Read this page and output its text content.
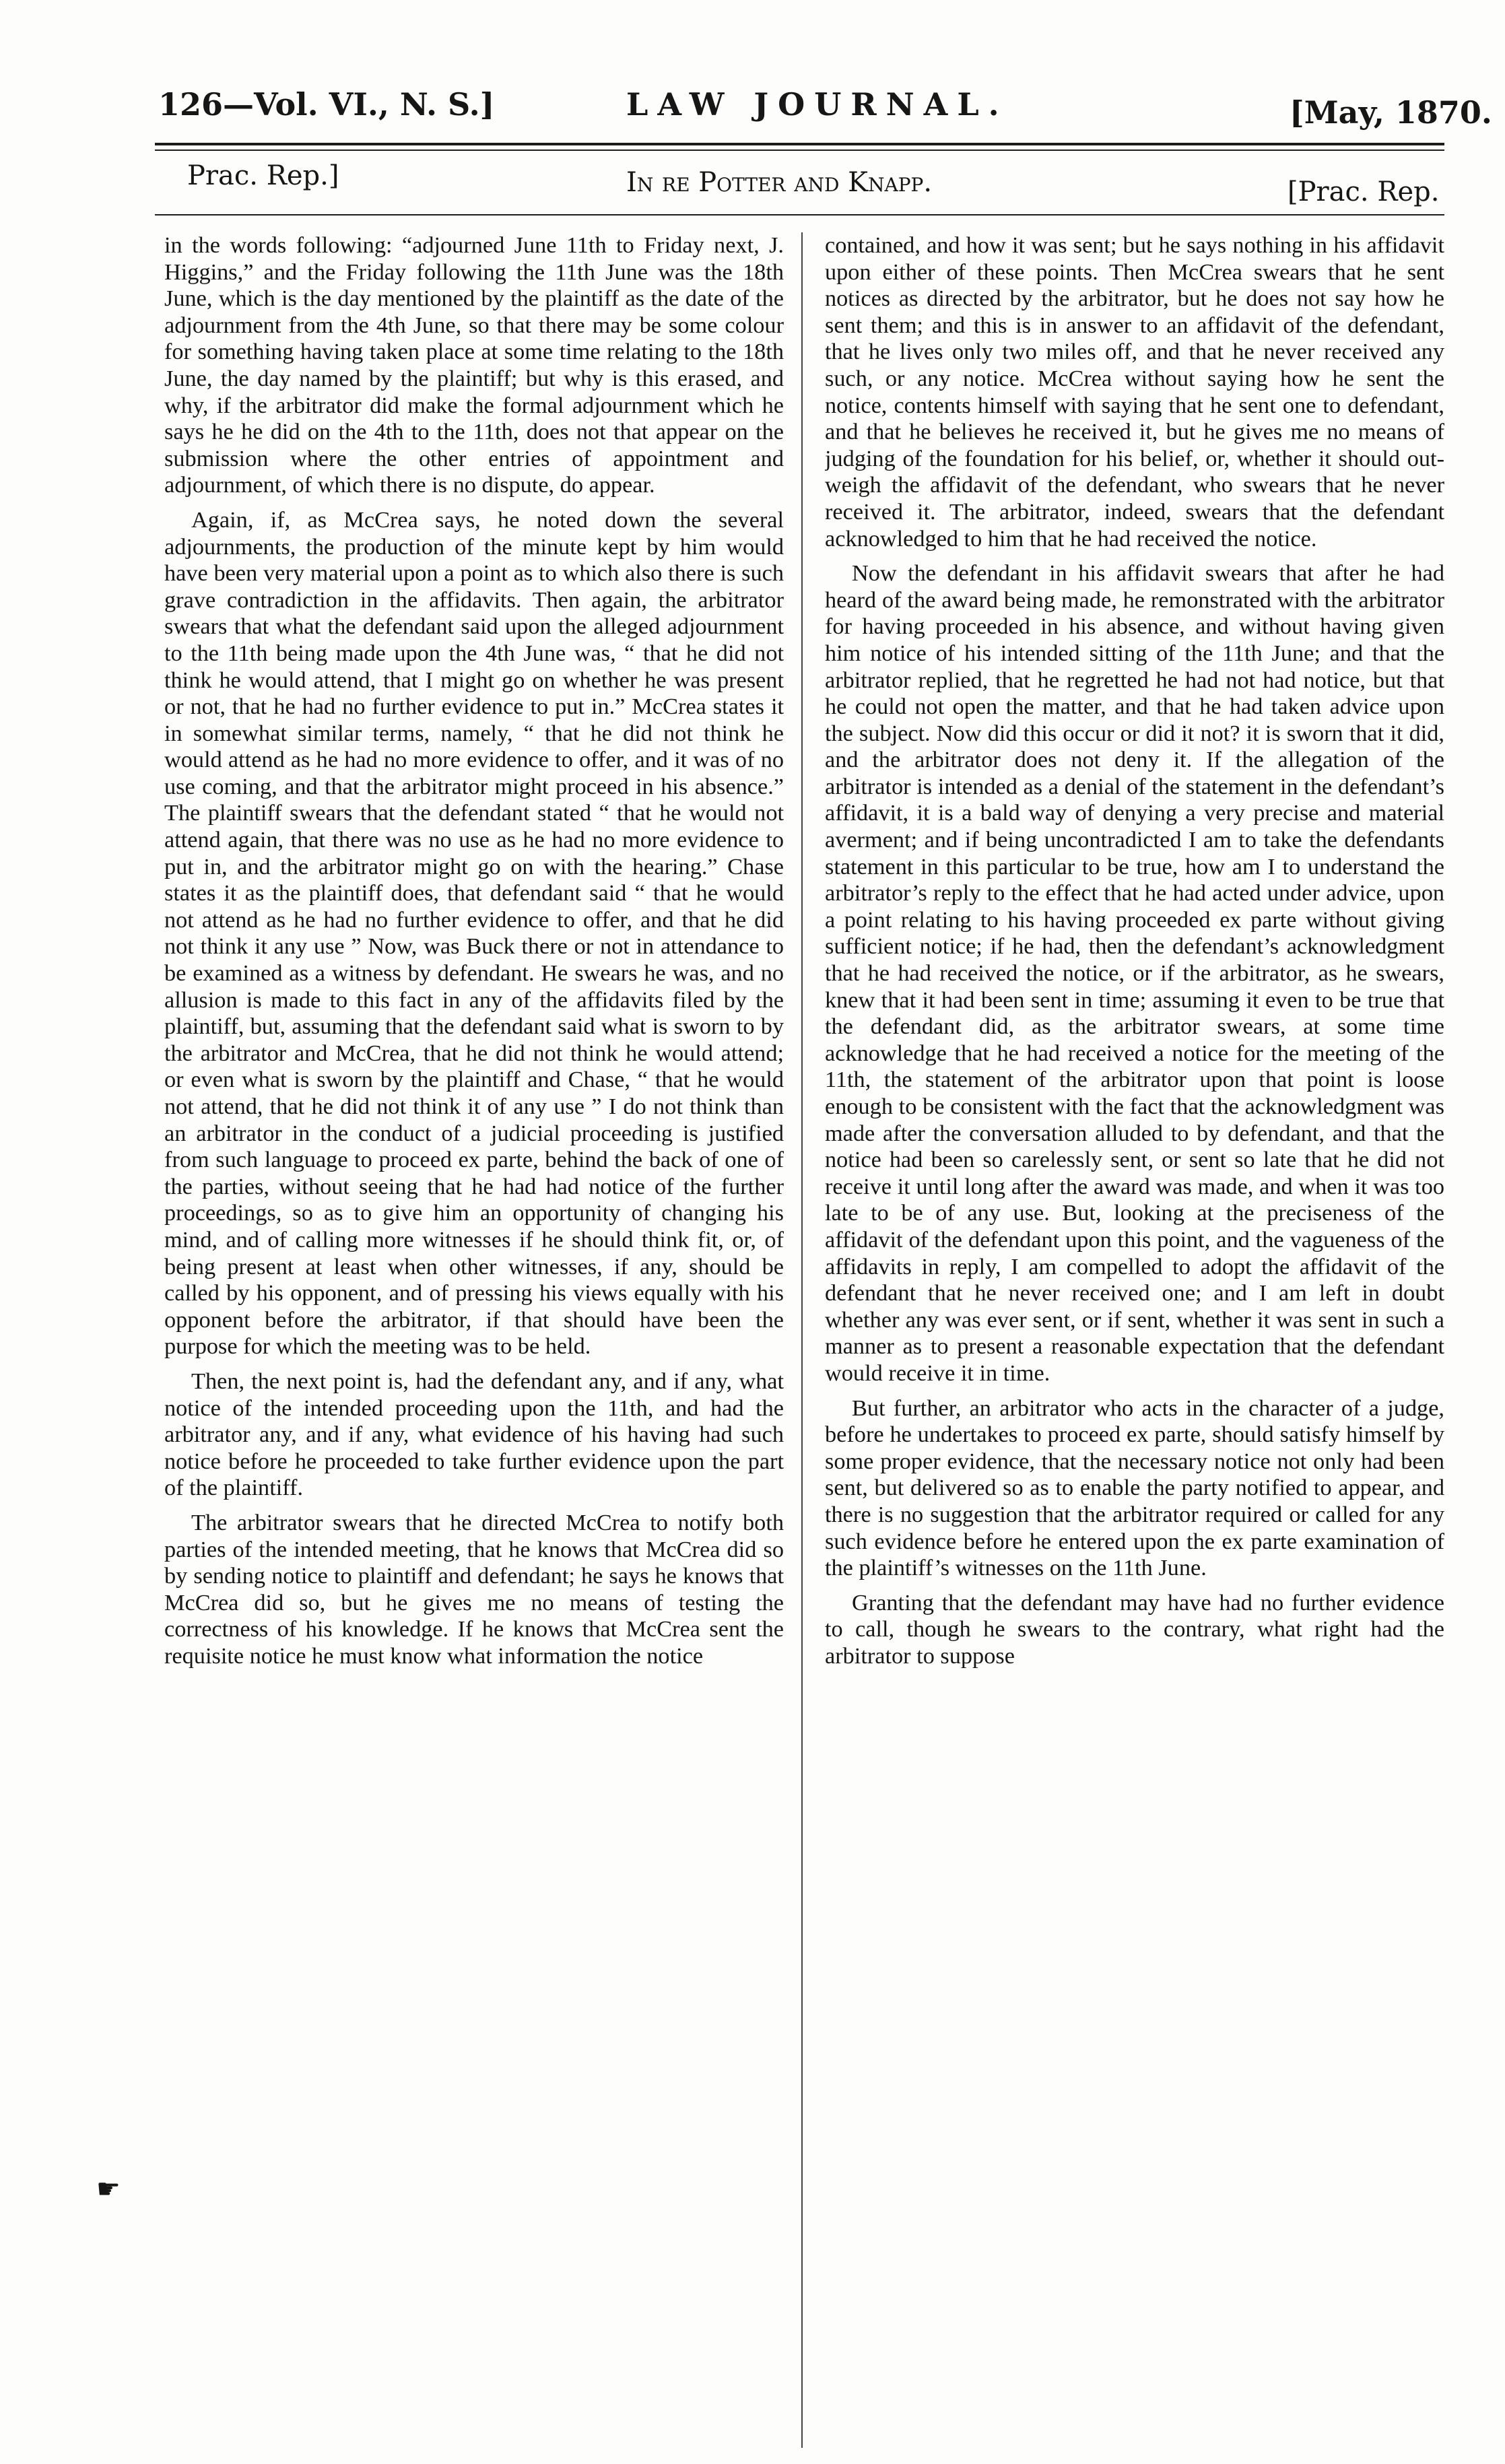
126—Vol. VI., N. S.]	LAW JOURNAL.	[May, 1870.
Prac. Rep.]	In re Potter and Knapp.	[Prac. Rep.

in the words following: “adjourned June 11th to Friday next, J. Higgins,” and the Friday following the 11th June was the 18th June, which is the day mentioned by the plaintiff as the date of the adjournment from the 4th June, so that there may be some colour for something having taken place at some time relating to the 18th June, the day named by the plaintiff; but why is this erased, and why, if the arbitrator did make the formal adjournment which he says he he did on the 4th to the 11th, does not that appear on the submission where the other entries of appointment and adjournment, of which there is no dispute, do appear.

Again, if, as McCrea says, he noted down the several adjournments, the production of the minute kept by him would have been very material upon a point as to which also there is such grave contradiction in the affidavits. Then again, the arbitrator swears that what the defendant said upon the alleged adjournment to the 11th being made upon the 4th June was, “ that he did not think he would attend, that I might go on whether he was present or not, that he had no further evidence to put in.” McCrea states it in somewhat similar terms, namely, “ that he did not think he would attend as he had no more evidence to offer, and it was of no use coming, and that the arbitrator might proceed in his absence.” The plaintiff swears that the defendant stated “ that he would not attend again, that there was no use as he had no more evidence to put in, and the arbitrator might go on with the hearing.” Chase states it as the plaintiff does, that defendant said “ that he would not attend as he had no further evidence to offer, and that he did not think it any use ” Now, was Buck there or not in attendance to be examined as a witness by defendant. He swears he was, and no allusion is made to this fact in any of the affidavits filed by the plaintiff, but, assuming that the defendant said what is sworn to by the arbitrator and McCrea, that he did not think he would attend; or even what is sworn by the plaintiff and Chase, “ that he would not attend, that he did not think it of any use ” I do not think than an arbitrator in the conduct of a judicial proceeding is justified from such language to proceed ex parte, behind the back of one of the parties, without seeing that he had had notice of the further proceedings, so as to give him an opportunity of changing his mind, and of calling more witnesses if he should think fit, or, of being present at least when other witnesses, if any, should be called by his opponent, and of pressing his views equally with his opponent before the arbitrator, if that should have been the purpose for which the meeting was to be held.

Then, the next point is, had the defendant any, and if any, what notice of the intended proceeding upon the 11th, and had the arbitrator any, and if any, what evidence of his having had such notice before he proceeded to take further evidence upon the part of the plaintiff.

The arbitrator swears that he directed McCrea to notify both parties of the intended meeting, that he knows that McCrea did so by sending notice to plaintiff and defendant; he says he knows that McCrea did so, but he gives me no means of testing the correctness of his knowledge. If he knows that McCrea sent the requisite notice he must know what information the notice

contained, and how it was sent; but he says nothing in his affidavit upon either of these points. Then McCrea swears that he sent notices as directed by the arbitrator, but he does not say how he sent them; and this is in answer to an affidavit of the defendant, that he lives only two miles off, and that he never received any such, or any notice. McCrea without saying how he sent the notice, contents himself with saying that he sent one to defendant, and that he believes he received it, but he gives me no means of judging of the foundation for his belief, or, whether it should out-weigh the affidavit of the defendant, who swears that he never received it. The arbitrator, indeed, swears that the defendant acknowledged to him that he had received the notice.

Now the defendant in his affidavit swears that after he had heard of the award being made, he remonstrated with the arbitrator for having proceeded in his absence, and without having given him notice of his intended sitting of the 11th June; and that the arbitrator replied, that he regretted he had not had notice, but that he could not open the matter, and that he had taken advice upon the subject. Now did this occur or did it not? it is sworn that it did, and the arbitrator does not deny it. If the allegation of the arbitrator is intended as a denial of the statement in the defendant’s affidavit, it is a bald way of denying a very precise and material averment; and if being uncontradicted I am to take the defendants statement in this particular to be true, how am I to understand the arbitrator’s reply to the effect that he had acted under advice, upon a point relating to his having proceeded ex parte without giving sufficient notice; if he had, then the defendant’s acknowledgment that he had received the notice, or if the arbitrator, as he swears, knew that it had been sent in time; assuming it even to be true that the defendant did, as the arbitrator swears, at some time acknowledge that he had received a notice for the meeting of the 11th, the statement of the arbitrator upon that point is loose enough to be consistent with the fact that the acknowledgment was made after the conversation alluded to by defendant, and that the notice had been so carelessly sent, or sent so late that he did not receive it until long after the award was made, and when it was too late to be of any use. But, looking at the preciseness of the affidavit of the defendant upon this point, and the vagueness of the affidavits in reply, I am compelled to adopt the affidavit of the defendant that he never received one; and I am left in doubt whether any was ever sent, or if sent, whether it was sent in such a manner as to present a reasonable expectation that the defendant would receive it in time.

But further, an arbitrator who acts in the character of a judge, before he undertakes to proceed ex parte, should satisfy himself by some proper evidence, that the necessary notice not only had been sent, but delivered so as to enable the party notified to appear, and there is no suggestion that the arbitrator required or called for any such evidence before he entered upon the ex parte examination of the plaintiff’s witnesses on the 11th June.

Granting that the defendant may have had no further evidence to call, though he swears to the contrary, what right had the arbitrator to suppose

☛
